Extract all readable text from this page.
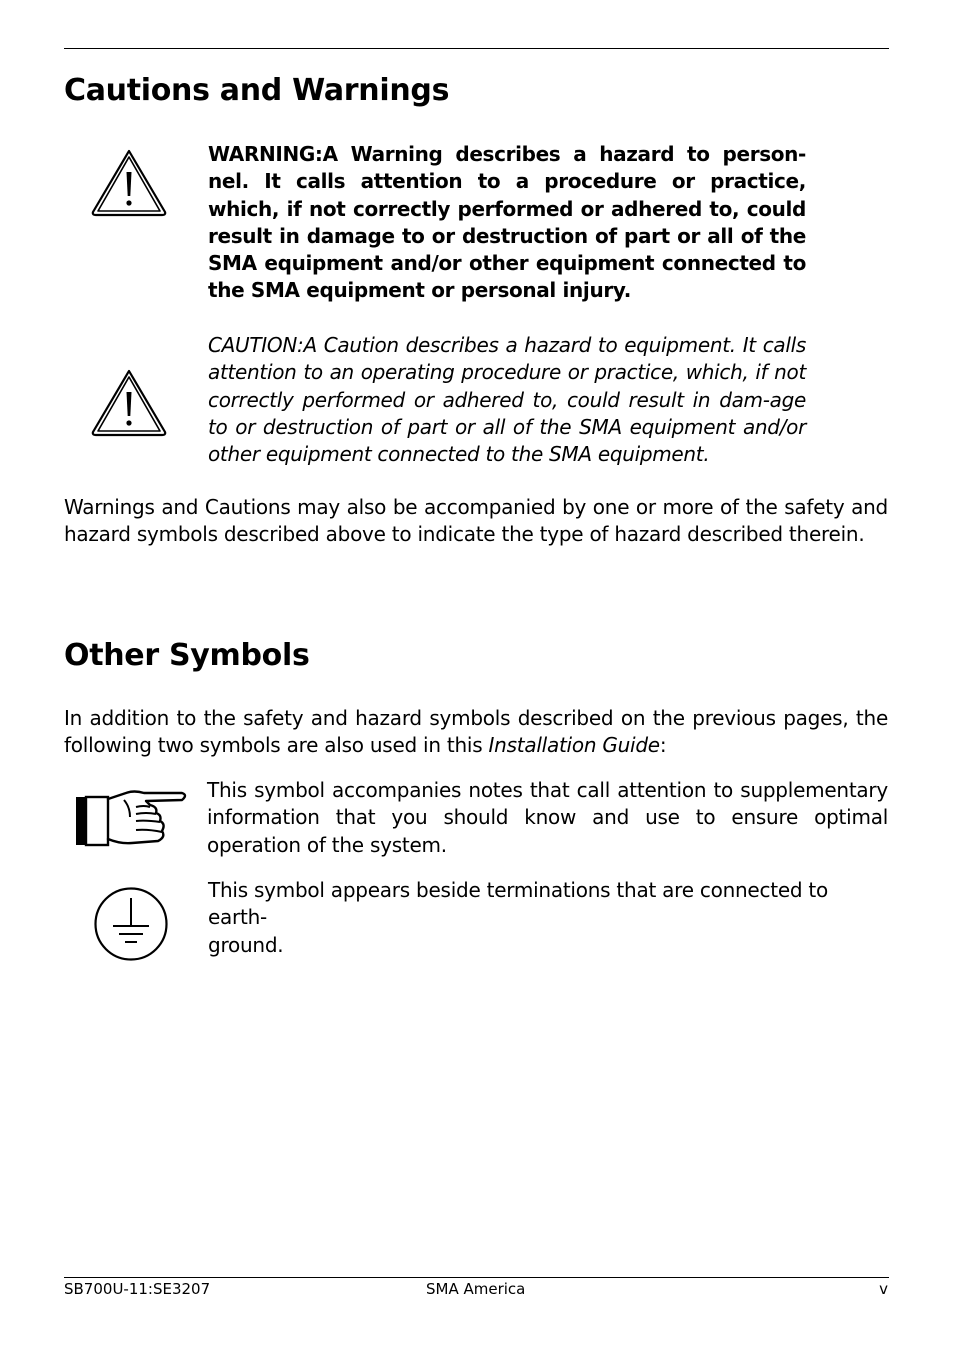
Cautions and Warnings

WARNING:A Warning describes a hazard to person-nel. It calls attention to a procedure or practice, which, if not correctly performed or adhered to, could result in damage to or destruction of part or all of the SMA equipment and/or other equipment connected to the SMA equipment or personal injury.

CAUTION:A Caution describes a hazard to equipment. It calls attention to an operating procedure or practice, which, if not correctly performed or adhered to, could result in dam-age to or destruction of part or all of the SMA equipment and/or other equipment connected to the SMA equipment.

Warnings and Cautions may also be accompanied by one or more of the safety and hazard symbols described above to indicate the type of hazard described therein.

Other Symbols

In addition to the safety and hazard symbols described on the previous pages, the following two symbols are also used in this Installation Guide:

This symbol accompanies notes that call attention to supplementary information that you should know and use to ensure optimal operation of the system.

This symbol appears beside terminations that are connected to earth-
ground.

SB700U-11:SE3207	SMA America	v
